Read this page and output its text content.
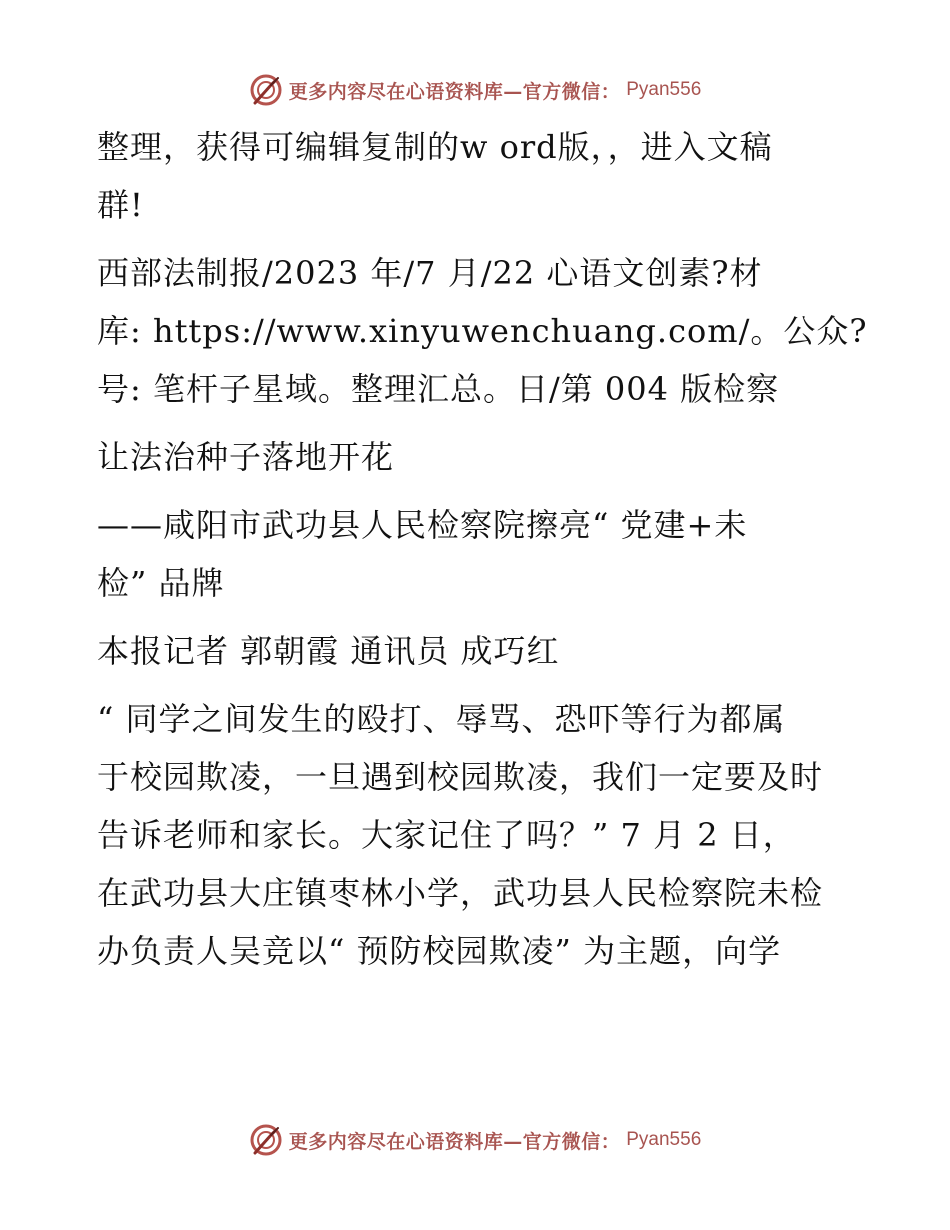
更多内容尽在心语资料库—官方微信： Pyan556

整理，获得可编辑复制的w ord版，，进入文稿
群!

西部法制报/2023 年/7 月/22 心语文创素?材
库: https://www.xinyuwenchuang.com/。公众?
号: 笔杆子星域。整理汇总。日/第 004 版检察

让法治种子落地开花

——咸阳市武功县人民检察院擦亮“ 党建+未
检” 品牌

本报记者 郭朝霞 通讯员 成巧红

“ 同学之间发生的殴打、辱骂、恐吓等行为都属
于校园欺凌，一旦遇到校园欺凌，我们一定要及时
告诉老师和家长。大家记住了吗？” 7 月 2 日，
在武功县大庄镇枣林小学，武功县人民检察院未检
办负责人吴竞以“ 预防校园欺凌” 为主题，向学

更多内容尽在心语资料库—官方微信： Pyan556
